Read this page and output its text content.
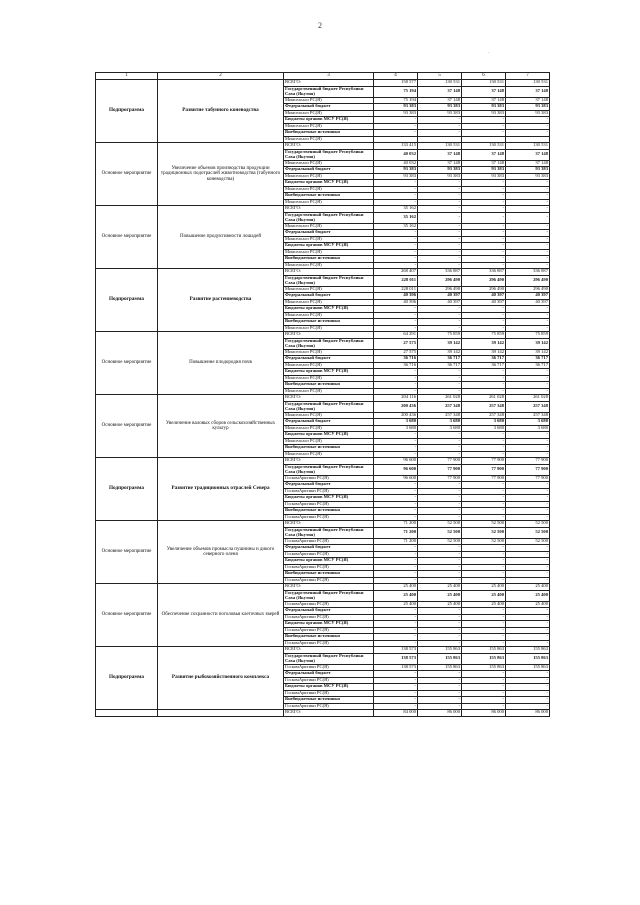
2
.
1	2	3	4	5	6	7
Подпрограмма	Развитие табунного коневодства	ВСЕГО:	158 577	130 531	130 531	130 531
		Государственный бюджет Республики Саха (Якутия)	75 194	37 148	37 148	37 148
		Минсельхоз РС(Я)	75 194	37 148	37 148	37 148
		Федеральный бюджет	93 383	93 383	93 383	93 383
		Минсельхоз РС(Я)	93 383	93 383	93 383	93 383
		Бюджеты органов МСУ РС(Я)	-	-	-	-
		Минсельхоз РС(Я)	-	-	-	-
		Внебюджетные источники	-	-	-	-
		Минсельхоз РС(Я)				
Основное мероприятие	Увеличение объемов производства продукции традиционных подотраслей животноводства (табунного коневодства)	ВСЕГО:	133 415	130 531	130 531	130 531
		Государственный бюджет Республики Саха (Якутия)	40 032	37 148	37 148	37 148
		Минсельхоз РС(Я)	40 032	37 148	37 148	37 148
		Федеральный бюджет	93 383	93 383	93 383	93 383
		Минсельхоз РС(Я)	93 383	93 383	93 383	93 383
		Бюджеты органов МСУ РС(Я)	-	-	-	-
		Минсельхоз РС(Я)	-	-	-	-
		Внебюджетные источники	-	-	-	-
		Минсельхоз РС(Я)	-	-	-	-
Основное мероприятие	Повышение продуктивности лошадей	ВСЕГО:	35 162	-	-	-
		Государственный бюджет Республики Саха (Якутия)	35 162	-	-	-
		Минсельхоз РС(Я)	35 162	-	-	-
		Федеральный бюджет	-	-	-	-
		Минсельхоз РС(Я)	-	-	-	-
		Бюджеты органов МСУ РС(Я)	-	-	-	-
		Минсельхоз РС(Я)	-	-	-	-
		Внебюджетные источники	-	-	-	-
		Минсельхоз РС(Я)	-	-	-	-
Подпрограмма	Развитие растениеводства	ВСЕГО:	268 407	336 887	336 887	336 887
		Государственный бюджет Республики Саха (Якутия)	228 011	296 490	296 490	296 490
		Минсельхоз РС(Я)	228 011	296 490	296 490	296 490
		Федеральный бюджет	40 396	40 397	40 397	40 397
		Минсельхоз РС(Я)	40 396	40 397	40 397	40 397
		Бюджеты органов МСУ РС(Я)	-	-	-	-
		Минсельхоз РС(Я)	-	-	-	-
		Внебюджетные источники	-	-	-	-
		Минсельхоз РС(Я)	-	-	-	-
Основное мероприятие	Повышение плодородия почв	ВСЕГО:	64 291	75 859	75 859	75 859
		Государственный бюджет Республики Саха (Якутия)	27 575	39 142	39 142	39 142
		Минсельхоз РС(Я)	27 575	39 142	39 142	39 142
		Федеральный бюджет	36 716	36 717	36 717	36 717
		Минсельхоз РС(Я)	36 716	36 717	36 717	36 717
		Бюджеты органов МСУ РС(Я)	-	-	-	-
		Минсельхоз РС(Я)	-	-	-	-
		Внебюджетные источники	-	-	-	-
		Минсельхоз РС(Я)	-	-	-	-
Основное мероприятие	Увеличение валовых сборов сельскохозяйственных культур	ВСЕГО:	204 116	261 028	261 028	261 028
		Государственный бюджет Республики Саха (Якутия)	200 436	257 348	257 348	257 348
		Минсельхоз РС(Я)	200 436	257 348	257 348	257 348
		Федеральный бюджет	3 680	3 680	3 680	3 680
		Минсельхоз РС(Я)	3 680	3 680	3 680	3 680
		Бюджеты органов МСУ РС(Я)	-	-	-	-
		Минсельхоз РС(Я)	-	-	-	-
		Внебюджетные источники	-	-	-	-
		Минсельхоз РС(Я)	-	-	-	-
Подпрограмма	Развитие традиционных отраслей Севера	ВСЕГО:	96 600	77 900	77 900	77 900
		Государственный бюджет Республики Саха (Якутия)	96 600	77 900	77 900	77 900
		ГоскомАрктики РС(Я)	96 600	77 900	77 900	77 900
		Федеральный бюджет	-	-	-	-
		ГоскомАрктики РС(Я)	-	-	-	-
		Бюджеты органов МСУ РС(Я)	-	-	-	-
		ГоскомАрктики РС(Я)	-	-	-	-
		Внебюджетные источники	-	-	-	-
		ГоскомАрктики РС(Я)	-	-	-	-
Основное мероприятие	Увеличение объемов промысла пушнины и дикого северного оленя	ВСЕГО:	71 200	52 500	52 500	52 500
		Государственный бюджет Республики Саха (Якутия)	71 200	52 500	52 500	52 500
		ГоскомАрктики РС(Я)	71 200	52 500	52 500	52 500
		Федеральный бюджет	-	-	-	-
		ГоскомАрктики РС(Я)	-	-	-	-
		Бюджеты органов МСУ РС(Я)	-	-	-	-
		ГоскомАрктики РС(Я)	-	-	-	-
		Внебюджетные источники	-	-	-	-
		ГоскомАрктики РС(Я)	-	-	-	-
Основное мероприятие	Обеспечение сохранности поголовья клеточных зверей	ВСЕГО:	25 400	25 400	25 400	25 400
		Государственный бюджет Республики Саха (Якутия)	25 400	25 400	25 400	25 400
		ГоскомАрктики РС(Я)	25 400	25 400	25 400	25 400
		Федеральный бюджет	-	-	-	-
		ГоскомАрктики РС(Я)	-	-	-	-
		Бюджеты органов МСУ РС(Я)	-	-	-	-
		ГоскомАрктики РС(Я)	-	-	-	-
		Внебюджетные источники	-	-	-	-
		ГоскомАрктики РС(Я)	-	-	-	-
Подпрограмма	Развитие рыбохозяйственного комплекса	ВСЕГО:	138 573	155 863	155 863	155 863
		Государственный бюджет Республики Саха (Якутия)	138 573	155 863	155 863	155 863
		ГоскомАрктики РС(Я)	138 573	155 863	155 863	155 863
		Федеральный бюджет	-	-	-	-
		ГоскомАрктики РС(Я)	-	-	-	-
		Бюджеты органов МСУ РС(Я)	-	-	-	-
		ГоскомАрктики РС(Я)	-	-	-	-
		Внебюджетные источники	-	-	-	-
		ГоскомАрктики РС(Я)	-	-	-	-
		ВСЕГО:	84 000	86 000	86 000	86 000
